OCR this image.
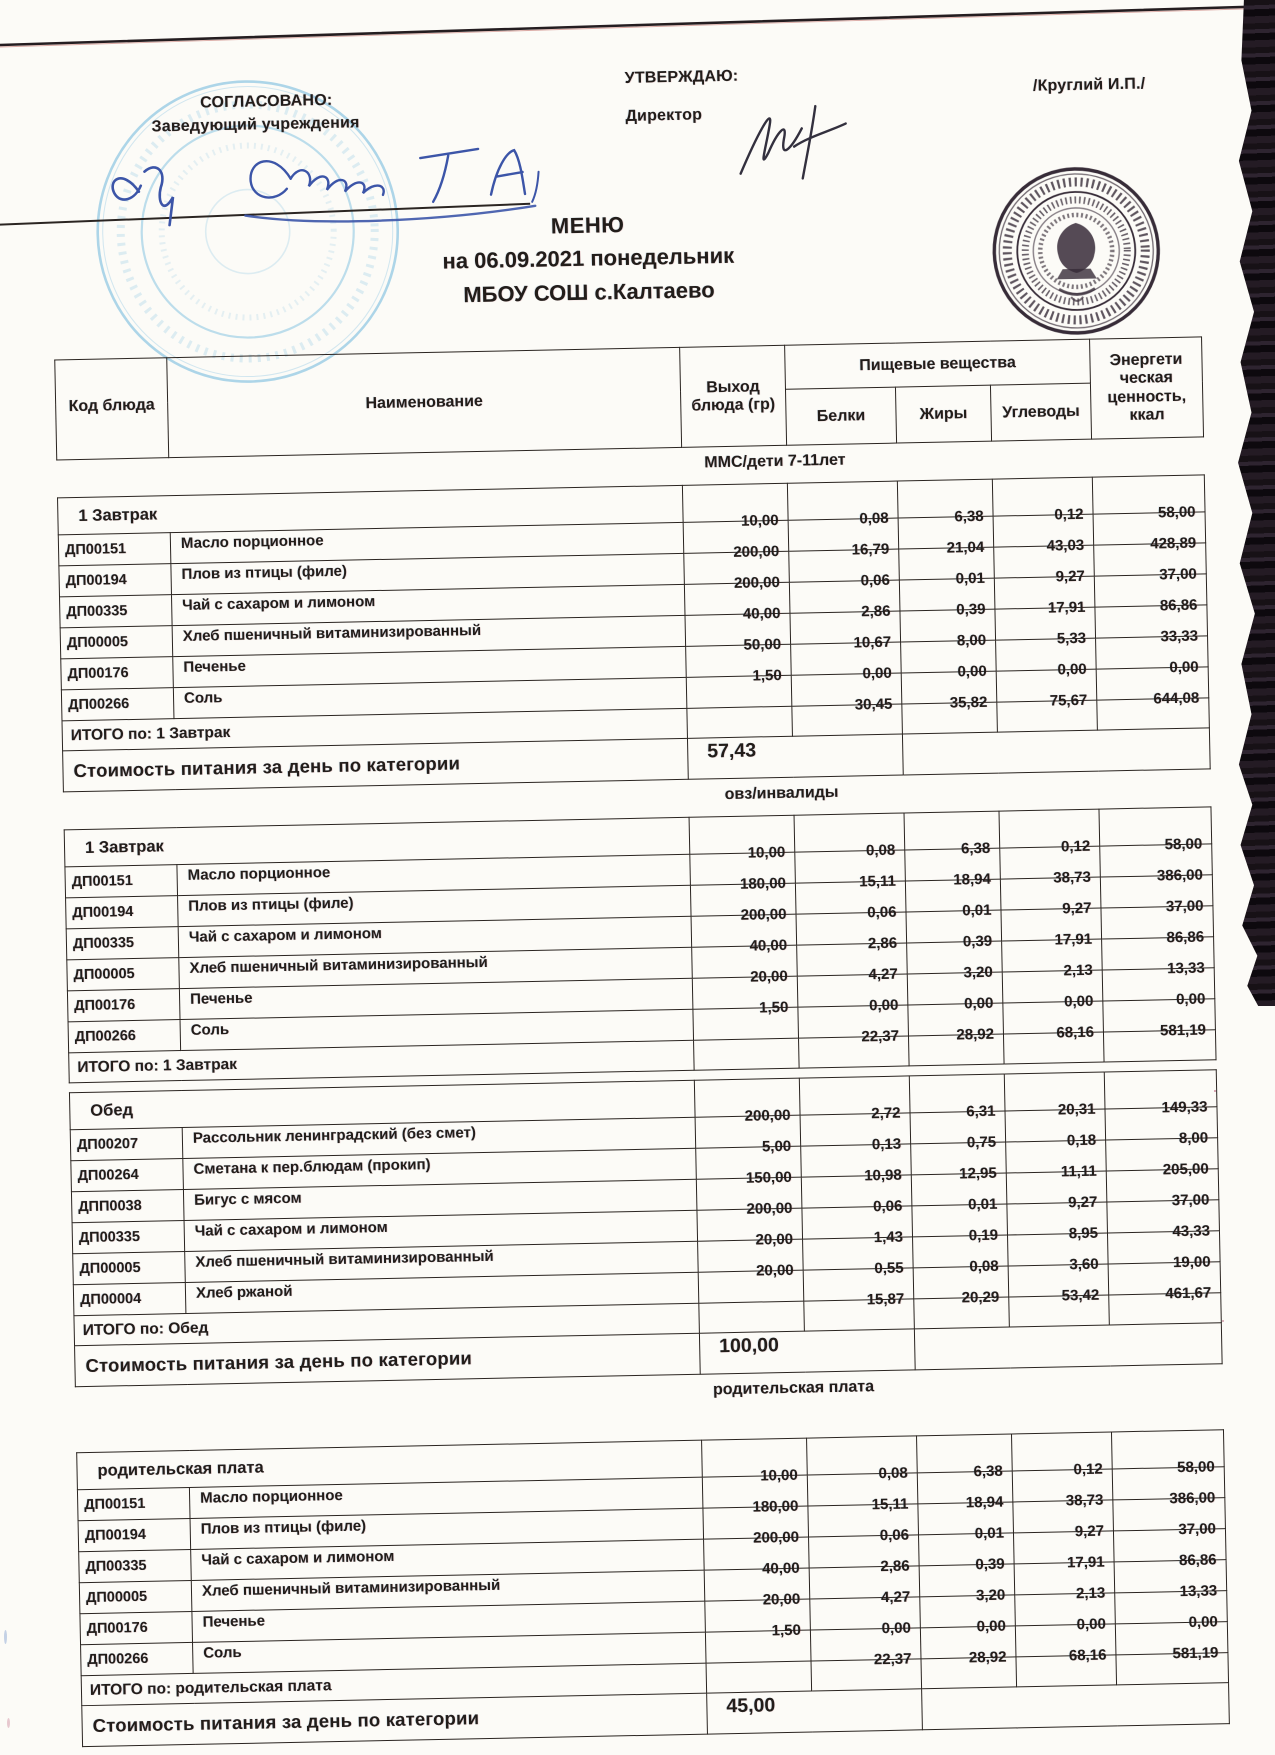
СОГЛАСОВАНО:
Заведующий учреждения
УТВЕРЖДАЮ:
Директор
/Круглий И.П./
МЕНЮ
на 06.09.2021 понедельник
МБОУ СОШ с.Калтаево
Код блюда	Наименование	Выход блюда (гр)	Пищевые вещества			Энергети ческая ценность, ккал
			Белки	Жиры	Углеводы	
ММС/дети 7-11лет
1 Завтрак		10,00	0,08	6,38	0,12	58,00
ДП00151	Масло порционное	200,00	16,79	21,04	43,03	428,89
ДП00194	Плов из птицы (филе)	200,00	0,06	0,01	9,27	37,00
ДП00335	Чай с сахаром и лимоном	40,00	2,86	0,39	17,91	86,86
ДП00005	Хлеб пшеничный витаминизированный	50,00	10,67	8,00	5,33	33,33
ДП00176	Печенье	1,50	0,00	0,00	0,00	0,00
ДП00266	Соль		30,45	35,82	75,67	644,08
ИТОГО по: 1 Завтрак						
Стоимость питания за день по категории		57,43				
овз/инвалиды
1 Завтрак		10,00	0,08	6,38	0,12	58,00
ДП00151	Масло порционное	180,00	15,11	18,94	38,73	386,00
ДП00194	Плов из птицы (филе)	200,00	0,06	0,01	9,27	37,00
ДП00335	Чай с сахаром и лимоном	40,00	2,86	0,39	17,91	86,86
ДП00005	Хлеб пшеничный витаминизированный	20,00	4,27	3,20	2,13	13,33
ДП00176	Печенье	1,50	0,00	0,00	0,00	0,00
ДП00266	Соль		22,37	28,92	68,16	581,19
ИТОГО по: 1 Завтрак						
Обед		200,00	2,72	6,31	20,31	149,33
ДП00207	Рассольник ленинградский (без смет)	5,00	0,13	0,75	0,18	8,00
ДП00264	Сметана к пер.блюдам (прокип)	150,00	10,98	12,95	11,11	205,00
ДПП0038	Бигус с мясом	200,00	0,06	0,01	9,27	37,00
ДП00335	Чай с сахаром и лимоном	20,00	1,43	0,19	8,95	43,33
ДП00005	Хлеб пшеничный витаминизированный	20,00	0,55	0,08	3,60	19,00
ДП00004	Хлеб ржаной		15,87	20,29	53,42	461,67
ИТОГО по: Обед						
Стоимость питания за день по категории		100,00				
родительская плата
родительская плата		10,00	0,08	6,38	0,12	58,00
ДП00151	Масло порционное	180,00	15,11	18,94	38,73	386,00
ДП00194	Плов из птицы (филе)	200,00	0,06	0,01	9,27	37,00
ДП00335	Чай с сахаром и лимоном	40,00	2,86	0,39	17,91	86,86
ДП00005	Хлеб пшеничный витаминизированный	20,00	4,27	3,20	2,13	13,33
ДП00176	Печенье	1,50	0,00	0,00	0,00	0,00
ДП00266	Соль		22,37	28,92	68,16	581,19
ИТОГО по: родительская плата						
Стоимость питания за день по категории		45,00				
